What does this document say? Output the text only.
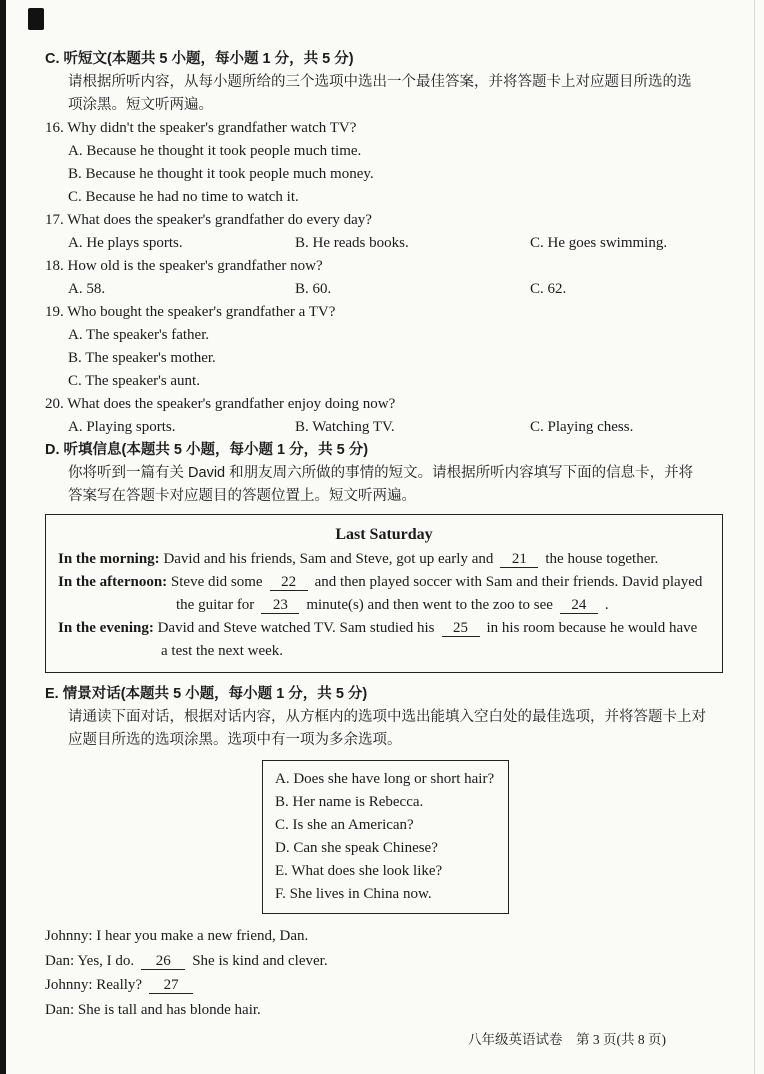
C. 听短文(本题共 5 小题，每小题 1 分，共 5 分)
请根据所听内容，从每小题所给的三个选项中选出一个最佳答案，并将答题卡上对应题目所选的选
项涂黑。短文听两遍。
16. Why didn't the speaker's grandfather watch TV?
A. Because he thought it took people much time.
B. Because he thought it took people much money.
C. Because he had no time to watch it.
17. What does the speaker's grandfather do every day?
A. He plays sports.	B. He reads books.	C. He goes swimming.
18. How old is the speaker's grandfather now?
A. 58.	B. 60.	C. 62.
19. Who bought the speaker's grandfather a TV?
A. The speaker's father.
B. The speaker's mother.
C. The speaker's aunt.
20. What does the speaker's grandfather enjoy doing now?
A. Playing sports.	B. Watching TV.	C. Playing chess.
D. 听填信息(本题共 5 小题，每小题 1 分，共 5 分)
你将听到一篇有关 David 和朋友周六所做的事情的短文。请根据所听内容填写下面的信息卡，并将
答案写在答题卡对应题目的答题位置上。短文听两遍。
Last Saturday
In the morning: David and his friends, Sam and Steve, got up early and 21 the house together.
In the afternoon: Steve did some 22 and then played soccer with Sam and their friends. David played
the guitar for 23 minute(s) and then went to the zoo to see 24 .
In the evening: David and Steve watched TV. Sam studied his 25 in his room because he would have
a test the next week.
E. 情景对话(本题共 5 小题，每小题 1 分，共 5 分)
请通读下面对话，根据对话内容，从方框内的选项中选出能填入空白处的最佳选项，并将答题卡上对
应题目所选的选项涂黑。选项中有一项为多余选项。
A. Does she have long or short hair?
B. Her name is Rebecca.
C. Is she an American?
D. Can she speak Chinese?
E. What does she look like?
F. She lives in China now.
Johnny: I hear you make a new friend, Dan.
Dan: Yes, I do. 26 She is kind and clever.
Johnny: Really? 27
Dan: She is tall and has blonde hair.
八年级英语试卷　第 3 页(共 8 页)
